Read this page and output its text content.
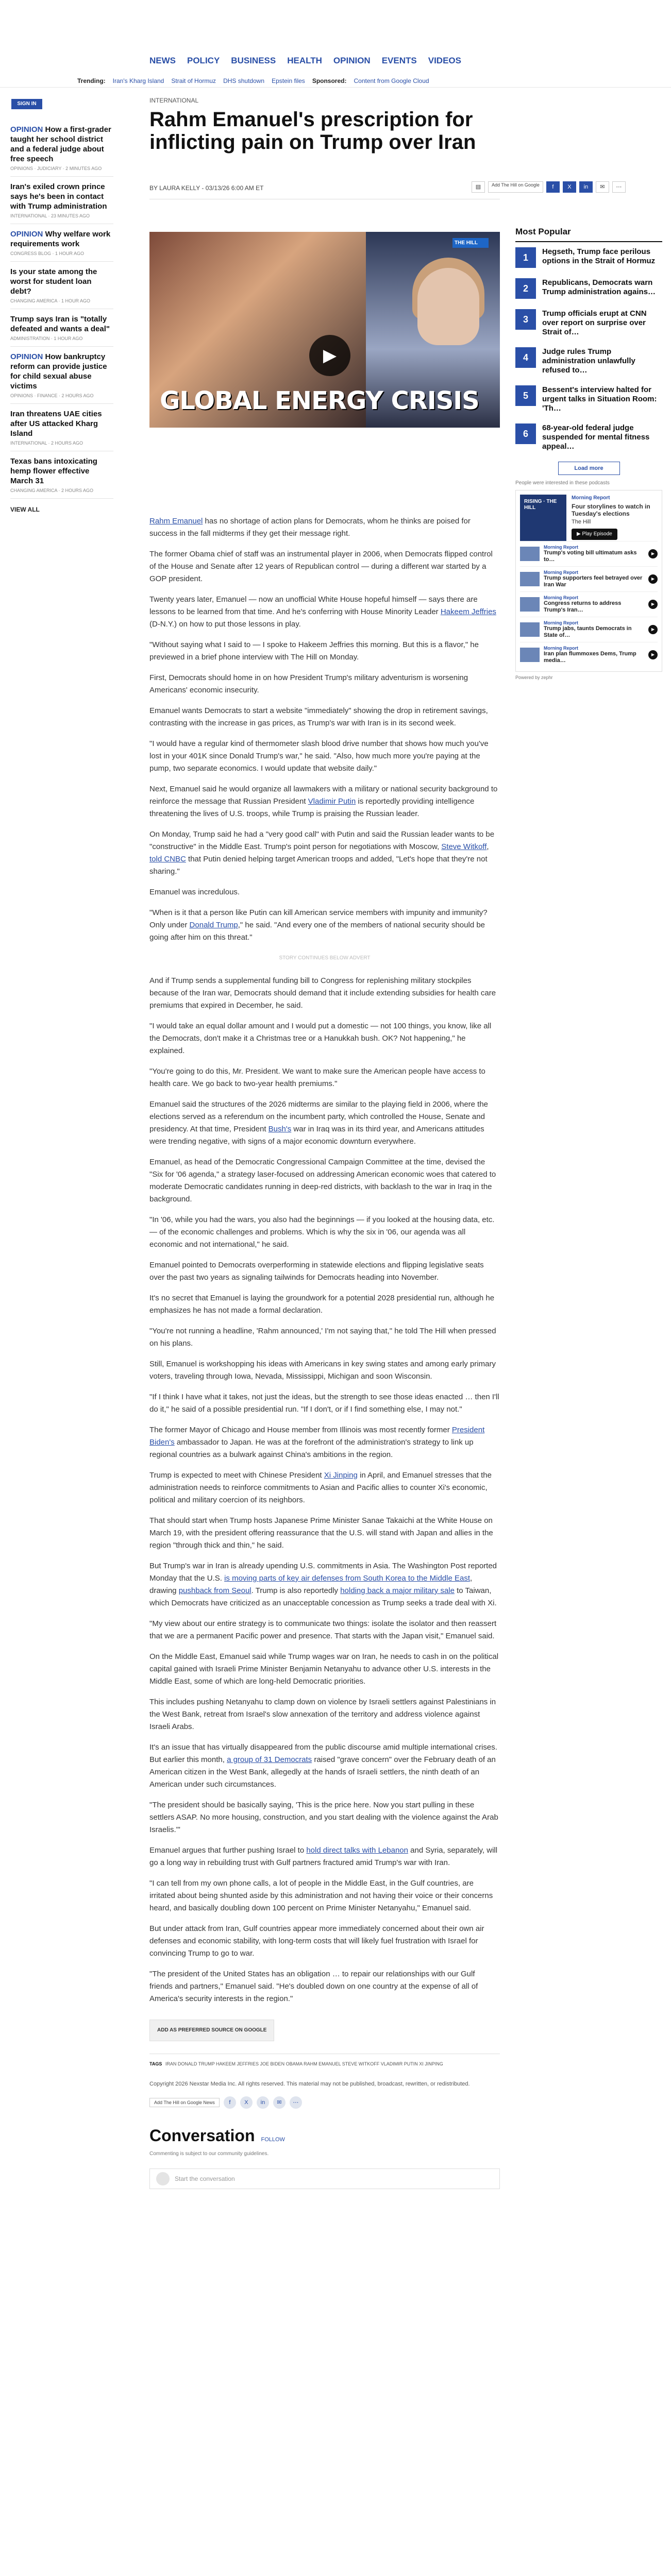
NEWS POLICY BUSINESS HEALTH OPINION EVENTS VIDEOS
Trending: Iran's Kharg Island Strait of Hormuz DHS shutdown Epstein files Sponsored: Content from Google Cloud
SIGN IN
OPINION How a first-grader taught her school district and a federal judge about free speech
OPINIONS · JUDICIARY · 2 MINUTES AGO
Iran's exiled crown prince says he's been in contact with Trump administration
INTERNATIONAL · 23 MINUTES AGO
OPINION Why welfare work requirements work
CONGRESS BLOG · 1 HOUR AGO
Is your state among the worst for student loan debt?
CHANGING AMERICA · 1 HOUR AGO
Trump says Iran is "totally defeated and wants a deal"
ADMINISTRATION · 1 HOUR AGO
OPINION How bankruptcy reform can provide justice for child sexual abuse victims
OPINIONS · FINANCE · 2 HOURS AGO
Iran threatens UAE cities after US attacked Kharg Island
INTERNATIONAL · 2 HOURS AGO
Texas bans intoxicating hemp flower effective March 31
CHANGING AMERICA · 2 HOURS AGO
VIEW ALL
INTERNATIONAL
Rahm Emanuel's prescription for inflicting pain on Trump over Iran
BY LAURA KELLY - 03/13/26 6:00 AM ET	▤	Add The Hill on Google	f	X	in	✉	⋯
THE HILL
▶
GLOBAL ENERGY CRISIS

Rahm Emanuel has no shortage of action plans for Democrats, whom he thinks are poised for success in the fall midterms if they get their message right.

The former Obama chief of staff was an instrumental player in 2006, when Democrats flipped control of the House and Senate after 12 years of Republican control — during a different war started by a GOP president.

Twenty years later, Emanuel — now an unofficial White House hopeful himself — says there are lessons to be learned from that time. And he's conferring with House Minority Leader Hakeem Jeffries (D-N.Y.) on how to put those lessons in play.

"Without saying what I said to — I spoke to Hakeem Jeffries this morning. But this is a flavor," he previewed in a brief phone interview with The Hill on Monday.

First, Democrats should home in on how President Trump's military adventurism is worsening Americans' economic insecurity.

Emanuel wants Democrats to start a website "immediately" showing the drop in retirement savings, contrasting with the increase in gas prices, as Trump's war with Iran is in its second week.

"I would have a regular kind of thermometer slash blood drive number that shows how much you've lost in your 401K since Donald Trump's war," he said. "Also, how much more you're paying at the pump, two separate economics. I would update that website daily."

Next, Emanuel said he would organize all lawmakers with a military or national security background to reinforce the message that Russian President Vladimir Putin is reportedly providing intelligence threatening the lives of U.S. troops, while Trump is praising the Russian leader.

On Monday, Trump said he had a "very good call" with Putin and said the Russian leader wants to be "constructive" in the Middle East. Trump's point person for negotiations with Moscow, Steve Witkoff, told CNBC that Putin denied helping target American troops and added, "Let's hope that they're not sharing."

Emanuel was incredulous.

"When is it that a person like Putin can kill American service members with impunity and immunity? Only under Donald Trump," he said. "And every one of the members of national security should be going after him on this threat."

STORY CONTINUES BELOW ADVERT

And if Trump sends a supplemental funding bill to Congress for replenishing military stockpiles because of the Iran war, Democrats should demand that it include extending subsidies for health care premiums that expired in December, he said.

"I would take an equal dollar amount and I would put a domestic — not 100 things, you know, like all the Democrats, don't make it a Christmas tree or a Hanukkah bush. OK? Not happening," he explained.

"You're going to do this, Mr. President. We want to make sure the American people have access to health care. We go back to two-year health premiums."

Emanuel said the structures of the 2026 midterms are similar to the playing field in 2006, where the elections served as a referendum on the incumbent party, which controlled the House, Senate and presidency. At that time, President Bush's war in Iraq was in its third year, and Americans attitudes were trending negative, with signs of a major economic downturn everywhere.

Emanuel, as head of the Democratic Congressional Campaign Committee at the time, devised the "Six for '06 agenda," a strategy laser-focused on addressing American economic woes that catered to moderate Democratic candidates running in deep-red districts, with backlash to the war in Iraq in the background.

"In '06, while you had the wars, you also had the beginnings — if you looked at the housing data, etc. — of the economic challenges and problems. Which is why the six in '06, our agenda was all economic and not international," he said.

Emanuel pointed to Democrats overperforming in statewide elections and flipping legislative seats over the past two years as signaling tailwinds for Democrats heading into November.

It's no secret that Emanuel is laying the groundwork for a potential 2028 presidential run, although he emphasizes he has not made a formal declaration.

"You're not running a headline, 'Rahm announced,' I'm not saying that," he told The Hill when pressed on his plans.

Still, Emanuel is workshopping his ideas with Americans in key swing states and among early primary voters, traveling through Iowa, Nevada, Mississippi, Michigan and soon Wisconsin.

"If I think I have what it takes, not just the ideas, but the strength to see those ideas enacted … then I'll do it," he said of a possible presidential run. "If I don't, or if I find something else, I may not."

The former Mayor of Chicago and House member from Illinois was most recently former President Biden's ambassador to Japan. He was at the forefront of the administration's strategy to link up regional countries as a bulwark against China's ambitions in the region.

Trump is expected to meet with Chinese President Xi Jinping in April, and Emanuel stresses that the administration needs to reinforce commitments to Asian and Pacific allies to counter Xi's economic, political and military coercion of its neighbors.

That should start when Trump hosts Japanese Prime Minister Sanae Takaichi at the White House on March 19, with the president offering reassurance that the U.S. will stand with Japan and allies in the region "through thick and thin," he said.

But Trump's war in Iran is already upending U.S. commitments in Asia. The Washington Post reported Monday that the U.S. is moving parts of key air defenses from South Korea to the Middle East, drawing pushback from Seoul. Trump is also reportedly holding back a major military sale to Taiwan, which Democrats have criticized as an unacceptable concession as Trump seeks a trade deal with Xi.

"My view about our entire strategy is to communicate two things: isolate the isolator and then reassert that we are a permanent Pacific power and presence. That starts with the Japan visit," Emanuel said.

On the Middle East, Emanuel said while Trump wages war on Iran, he needs to cash in on the political capital gained with Israeli Prime Minister Benjamin Netanyahu to advance other U.S. interests in the Middle East, some of which are long-held Democratic priorities.

This includes pushing Netanyahu to clamp down on violence by Israeli settlers against Palestinians in the West Bank, retreat from Israel's slow annexation of the territory and address violence against Israeli Arabs.

It's an issue that has virtually disappeared from the public discourse amid multiple international crises. But earlier this month, a group of 31 Democrats raised "grave concern" over the February death of an American citizen in the West Bank, allegedly at the hands of Israeli settlers, the ninth death of an American under such circumstances.

"The president should be basically saying, 'This is the price here. Now you start pulling in these settlers ASAP. No more housing, construction, and you start dealing with the violence against the Arab Israelis.'"

Emanuel argues that further pushing Israel to hold direct talks with Lebanon and Syria, separately, will go a long way in rebuilding trust with Gulf partners fractured amid Trump's war with Iran.

"I can tell from my own phone calls, a lot of people in the Middle East, in the Gulf countries, are irritated about being shunted aside by this administration and not having their voice or their concerns heard, and basically doubling down 100 percent on Prime Minister Netanyahu," Emanuel said.

But under attack from Iran, Gulf countries appear more immediately concerned about their own air defenses and economic stability, with long-term costs that will likely fuel frustration with Israel for convincing Trump to go to war.

"The president of the United States has an obligation … to repair our relationships with our Gulf friends and partners," Emanuel said. "He's doubled down on one country at the expense of all of America's security interests in the region."

ADD AS PREFERRED SOURCE ON GOOGLE
TAGS IRAN DONALD TRUMP HAKEEM JEFFRIES JOE BIDEN OBAMA RAHM EMANUEL STEVE WITKOFF VLADIMIR PUTIN XI JINPING
Copyright 2026 Nexstar Media Inc. All rights reserved. This material may not be published, broadcast, rewritten, or redistributed.
Add The Hill on Google News	f	X	in	✉	⋯
Conversation FOLLOW
Commenting is subject to our community guidelines.
Start the conversation
Most Popular
1
Hegseth, Trump face perilous options in the Strait of Hormuz
2
Republicans, Democrats warn Trump administration agains…
3
Trump officials erupt at CNN over report on surprise over Strait of…
4
Judge rules Trump administration unlawfully refused to…
5
Bessent's interview halted for urgent talks in Situation Room: 'Th…
6
68-year-old federal judge suspended for mental fitness appeal…
Load more
People were interested in these podcasts
RISING · THE HILL
Morning Report
Four storylines to watch in Tuesday's elections
The Hill
▶ Play Episode
Morning Report
Trump's voting bill ultimatum asks to…
▶
Morning Report
Trump supporters feel betrayed over Iran War
▶
Morning Report
Congress returns to address Trump's Iran…
▶
Morning Report
Trump jabs, taunts Democrats in State of…
▶
Morning Report
Iran plan flummoxes Dems, Trump media…
▶
Powered by zephr
